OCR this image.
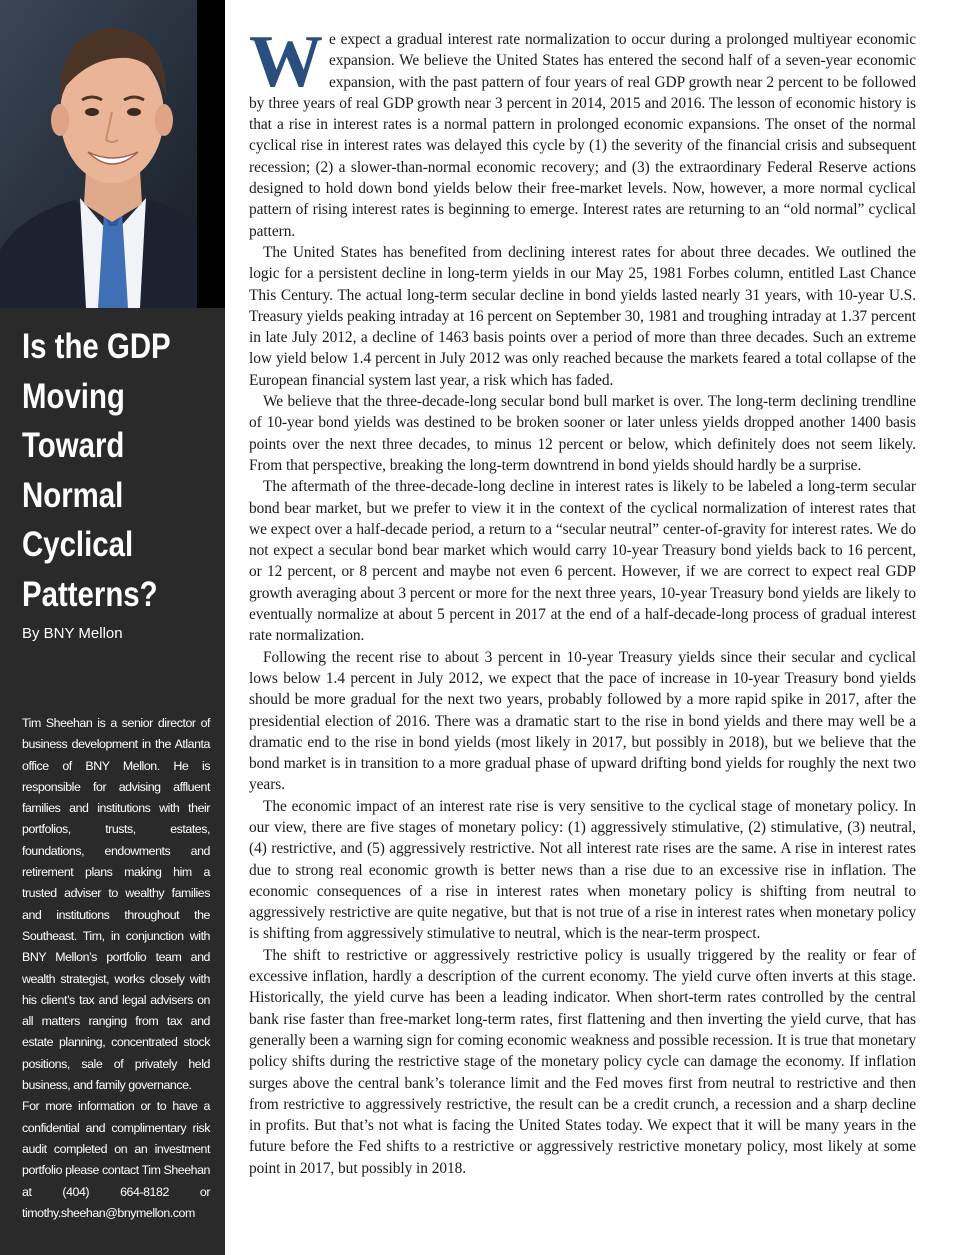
Wealth Management
Is the GDP Moving Toward Normal Cyclical Patterns?
By BNY Mellon

Tim Sheehan is a senior director of business development in the Atlanta office of BNY Mellon. He is responsible for advising affluent families and institutions with their portfolios, trusts, estates, foundations, endowments and retirement plans making him a trusted adviser to wealthy families and institutions throughout the Southeast. Tim, in conjunction with BNY Mellon’s portfolio team and wealth strategist, works closely with his client’s tax and legal advisers on all matters ranging from tax and estate planning, concentrated stock positions, sale of privately held business, and family governance.

For more information or to have a confidential and complimentary risk audit completed on an investment portfolio please contact Tim Sheehan at (404) 664-8182 or timothy.sheehan@bnymellon.com

We expect a gradual interest rate normalization to occur during a prolonged multiyear economic expansion. We believe the United States has entered the second half of a seven-year economic expansion, with the past pattern of four years of real GDP growth near 2 percent to be followed by three years of real GDP growth near 3 percent in 2014, 2015 and 2016. The lesson of economic history is that a rise in interest rates is a normal pattern in prolonged economic expansions. The onset of the normal cyclical rise in interest rates was delayed this cycle by (1) the severity of the financial crisis and subsequent recession; (2) a slower-than-normal economic recovery; and (3) the extraordinary Federal Reserve actions designed to hold down bond yields below their free-market levels. Now, however, a more normal cyclical pattern of rising interest rates is beginning to emerge. Interest rates are returning to an “old normal” cyclical pattern.

The United States has benefited from declining interest rates for about three decades. We outlined the logic for a persistent decline in long-term yields in our May 25, 1981 Forbes column, entitled Last Chance This Century. The actual long-term secular decline in bond yields lasted nearly 31 years, with 10-year U.S. Treasury yields peaking intraday at 16 percent on September 30, 1981 and troughing intraday at 1.37 percent in late July 2012, a decline of 1463 basis points over a period of more than three decades. Such an extreme low yield below 1.4 percent in July 2012 was only reached because the markets feared a total collapse of the European financial system last year, a risk which has faded.

We believe that the three-decade-long secular bond bull market is over. The long-term declining trendline of 10-year bond yields was destined to be broken sooner or later unless yields dropped another 1400 basis points over the next three decades, to minus 12 percent or below, which definitely does not seem likely. From that perspective, breaking the long-term downtrend in bond yields should hardly be a surprise.

The aftermath of the three-decade-long decline in interest rates is likely to be labeled a long-term secular bond bear market, but we prefer to view it in the context of the cyclical normalization of interest rates that we expect over a half-decade period, a return to a “secular neutral” center-of-gravity for interest rates. We do not expect a secular bond bear market which would carry 10-year Treasury bond yields back to 16 percent, or 12 percent, or 8 percent and maybe not even 6 percent. However, if we are correct to expect real GDP growth averaging about 3 percent or more for the next three years, 10-year Treasury bond yields are likely to eventually normalize at about 5 percent in 2017 at the end of a half-decade-long process of gradual interest rate normalization.

Following the recent rise to about 3 percent in 10-year Treasury yields since their secular and cyclical lows below 1.4 percent in July 2012, we expect that the pace of increase in 10-year Treasury bond yields should be more gradual for the next two years, probably followed by a more rapid spike in 2017, after the presidential election of 2016. There was a dramatic start to the rise in bond yields and there may well be a dramatic end to the rise in bond yields (most likely in 2017, but possibly in 2018), but we believe that the bond market is in transition to a more gradual phase of upward drifting bond yields for roughly the next two years.

The economic impact of an interest rate rise is very sensitive to the cyclical stage of monetary policy. In our view, there are five stages of monetary policy: (1) aggressively stimulative, (2) stimulative, (3) neutral, (4) restrictive, and (5) aggressively restrictive. Not all interest rate rises are the same. A rise in interest rates due to strong real economic growth is better news than a rise due to an excessive rise in inflation. The economic consequences of a rise in interest rates when monetary policy is shifting from neutral to aggressively restrictive are quite negative, but that is not true of a rise in interest rates when monetary policy is shifting from aggressively stimulative to neutral, which is the near-term prospect.

The shift to restrictive or aggressively restrictive policy is usually triggered by the reality or fear of excessive inflation, hardly a description of the current economy. The yield curve often inverts at this stage. Historically, the yield curve has been a leading indicator. When short-term rates controlled by the central bank rise faster than free-market long-term rates, first flattening and then inverting the yield curve, that has generally been a warning sign for coming economic weakness and possible recession. It is true that monetary policy shifts during the restrictive stage of the monetary policy cycle can damage the economy. If inflation surges above the central bank’s tolerance limit and the Fed moves first from neutral to restrictive and then from restrictive to aggressively restrictive, the result can be a credit crunch, a recession and a sharp decline in profits. But that’s not what is facing the United States today. We expect that it will be many years in the future before the Fed shifts to a restrictive or aggressively restrictive monetary policy, most likely at some point in 2017, but possibly in 2018.
